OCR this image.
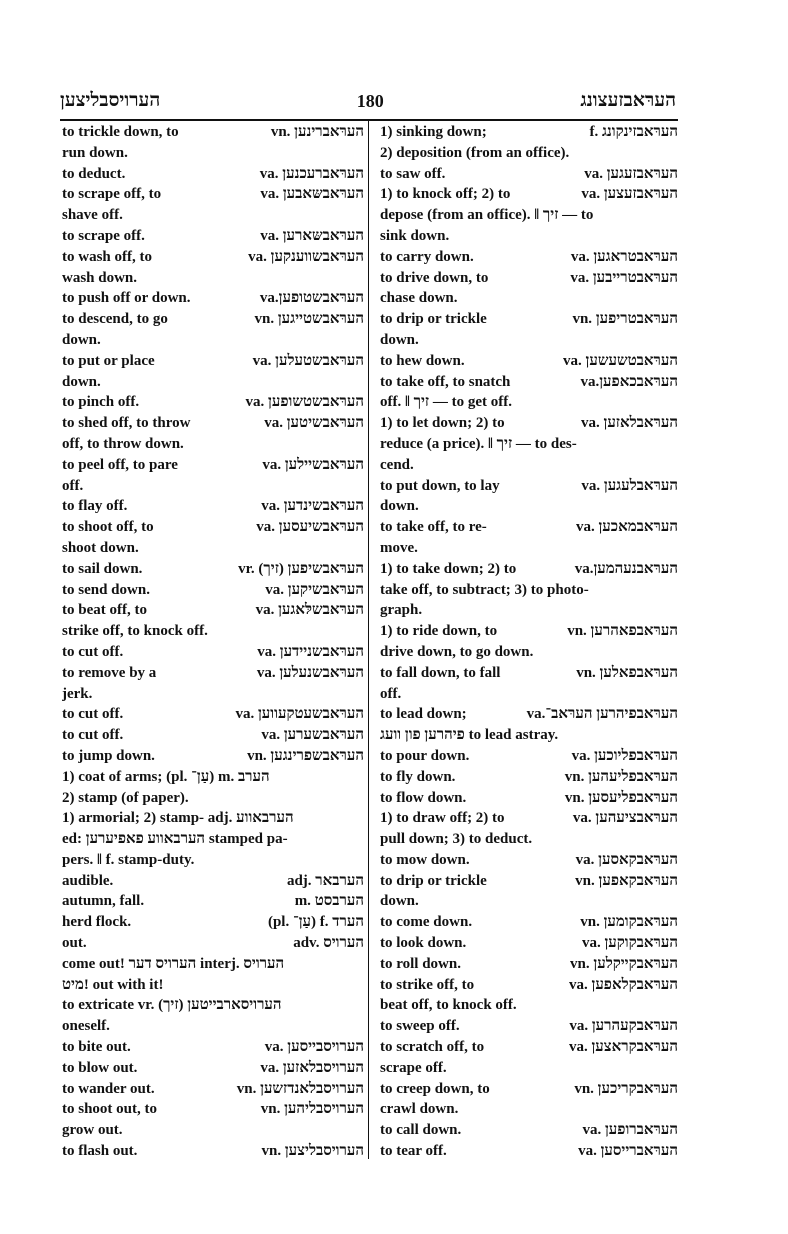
הערויסבליצען	180	הערּאבזעצונג
to trickle down, to	vn. הערּאברינען
run down.
to deduct.	va. הערּאברעכנען
to scrape off, to	va. הערּאבשּאבען
shave off.
to scrape off.	va. הערּאבשּארען
to wash off, to	va. הערּאבשווענקען
wash down.
to push off or down.	va.הערּאבשטופען
to descend, to go	vn. הערּאבשטייגען
down.
to put or place	va. הערּאבשטעלען
down.
to pinch off.	va. הערּאבשטשופען
to shed off, to throw	va. הערּאבשיטען
off, to throw down.
to peel off, to pare	va. הערּאבשיילען
off.
to flay off.	va. הערּאבשינדען
to shoot off, to	va. הערּאבשיעסען
shoot down.
to sail down.	vr. (זיך) הערּאבשיפען
to send down.	va. הערּאבשיקען
to beat off, to	va. הערּאבשלּאגען
strike off, to knock off.
to cut off.	va. הערּאבשניידען
to remove by a	va. הערּאבשנעלען
jerk.
to cut off.	va. הערּאבשעטקעווען
to cut off.	va. הערּאבשערען
to jump down.	vn. הערּאבשפרינגען
1) coat of arms; (pl. עַן־) m. הערב
2) stamp (of paper).
1) armorial; 2) stamp- adj. הערבאווע
ed: הערבאווע פאפיערען stamped pa-
pers. ‖ f. stamp-duty.
audible.	adj. הערבאר
autumn, fall.	m. הערבסט
herd flock.	(pl. עַן־) f. הערד
out.	adv. הערויס
come out! הערויס דער interj. הערויס
מיט! out with it!
to extricate vr. (זיך) הערויסארבייטען
oneself.
to bite out.	va. הערויסבייסען
to blow out.	va. הערויסבלאזען
to wander out.	vn. הערויסבלאנדזשען
to shoot out, to	vn. הערויסבליהען
grow out.
to flash out.	vn. הערויסבליצען
1) sinking down;	f. הערּאבזינקונג
2) deposition (from an office).
to saw off.	va. הערּאבזעגען
1) to knock off; 2) to	va. הערּאבזעצען
depose (from an office). ‖ זיך — to
sink down.
to carry down.	va. הערּאבטראגען
to drive down, to	va. הערּאבטרייבען
chase down.
to drip or trickle	vn. הערּאבטריפען
down.
to hew down.	va. הערּאבטשעשען
to take off, to snatch	va.הערּאבכאפען
off. ‖ זיך — to get off.
1) to let down; 2) to	va. הערּאבלאזען
reduce (a price). ‖ זיך — to des-
cend.
to put down, to lay	va. הערּאבלעגען
down.
to take off, to re-	va. הערּאבמאכען
move.
1) to take down; 2) to	va.הערּאבנעהמען
take off, to subtract; 3) to photo-
graph.
1) to ride down, to	vn. הערּאבפאהרען
drive down, to go down.
to fall down, to fall	vn. הערּאבפאלען
off.
to lead down;	va.הערּאבפיהרען הערּאב־
פיהרען פון וועג to lead astray.
to pour down.	va. הערּאבפליוכען
to fly down.	vn. הערּאבפליעהען
to flow down.	vn. הערּאבפליעסען
1) to draw off; 2) to	va. הערּאבציעהען
pull down; 3) to deduct.
to mow down.	va. הערּאבקאסען
to drip or trickle	vn. הערּאבקאפען
down.
to come down.	vn. הערּאבקומען
to look down.	va. הערּאבקוקען
to roll down.	vn. הערּאבקייקלען
to strike off, to	va. הערּאבקלאפען
beat off, to knock off.
to sweep off.	va. הערּאבקעהרען
to scratch off, to	va. הערּאבקראצען
scrape off.
to creep down, to	vn. הערּאבקריכען
crawl down.
to call down.	va. הערּאברופען
to tear off.	va. הערּאברייסען
